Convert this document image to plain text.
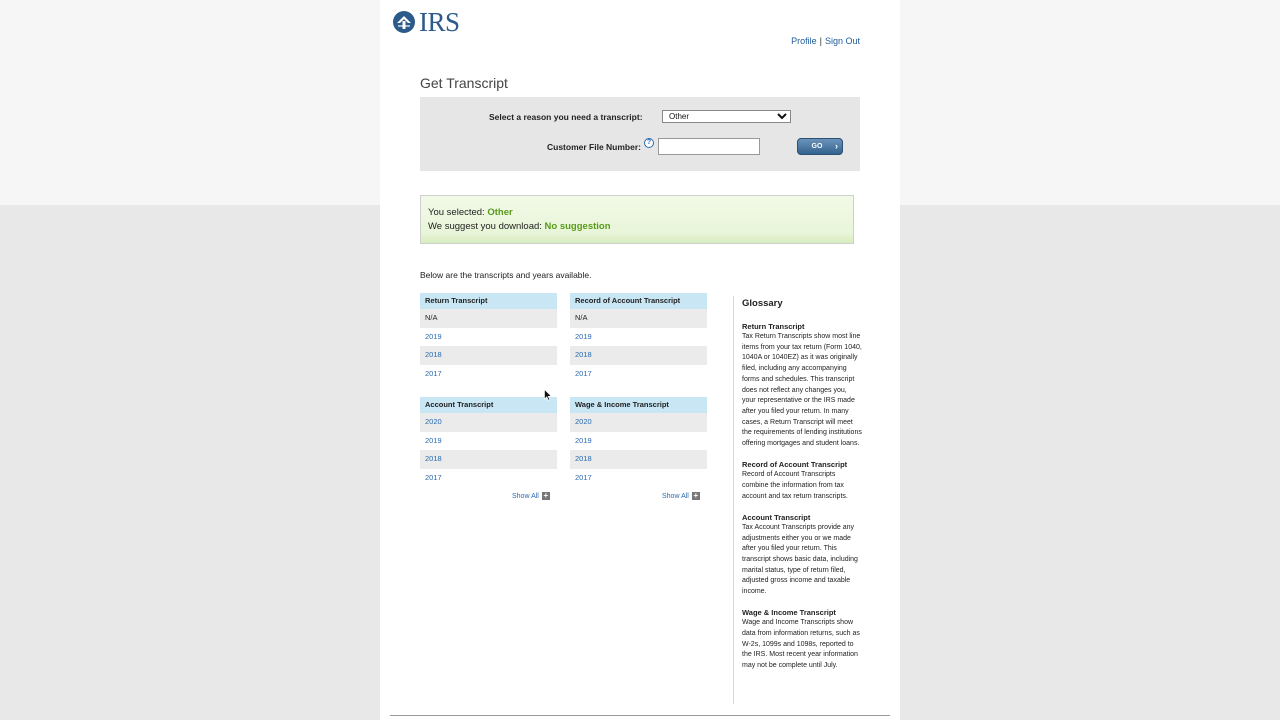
IRS
Profile | Sign Out
Get Transcript
Select a reason you need a transcript:
Other
Customer File Number: ?
GO ›
You selected: Other
We suggest you download: No suggestion
Below are the transcripts and years available.
Return Transcript
N/A
2019
2018
2017
Record of Account Transcript
N/A
2019
2018
2017
Account Transcript
2020
2019
2018
2017
Wage & Income Transcript
2020
2019
2018
2017
Show All +	Show All +
Glossary
Return Transcript

Tax Return Transcripts show most line items from your tax return (Form 1040, 1040A or 1040EZ) as it was originally filed, including any accompanying forms and schedules. This transcript does not reflect any changes you, your representative or the IRS made after you filed your return. In many cases, a Return Transcript will meet the requirements of lending institutions offering mortgages and student loans.

Record of Account Transcript

Record of Account Transcripts combine the information from tax account and tax return transcripts.

Account Transcript

Tax Account Transcripts provide any adjustments either you or we made after you filed your return. This transcript shows basic data, including marital status, type of return filed, adjusted gross income and taxable income.

Wage & Income Transcript

Wage and Income Transcripts show data from information returns, such as W-2s, 1099s and 1098s, reported to the IRS. Most recent year information may not be complete until July.
